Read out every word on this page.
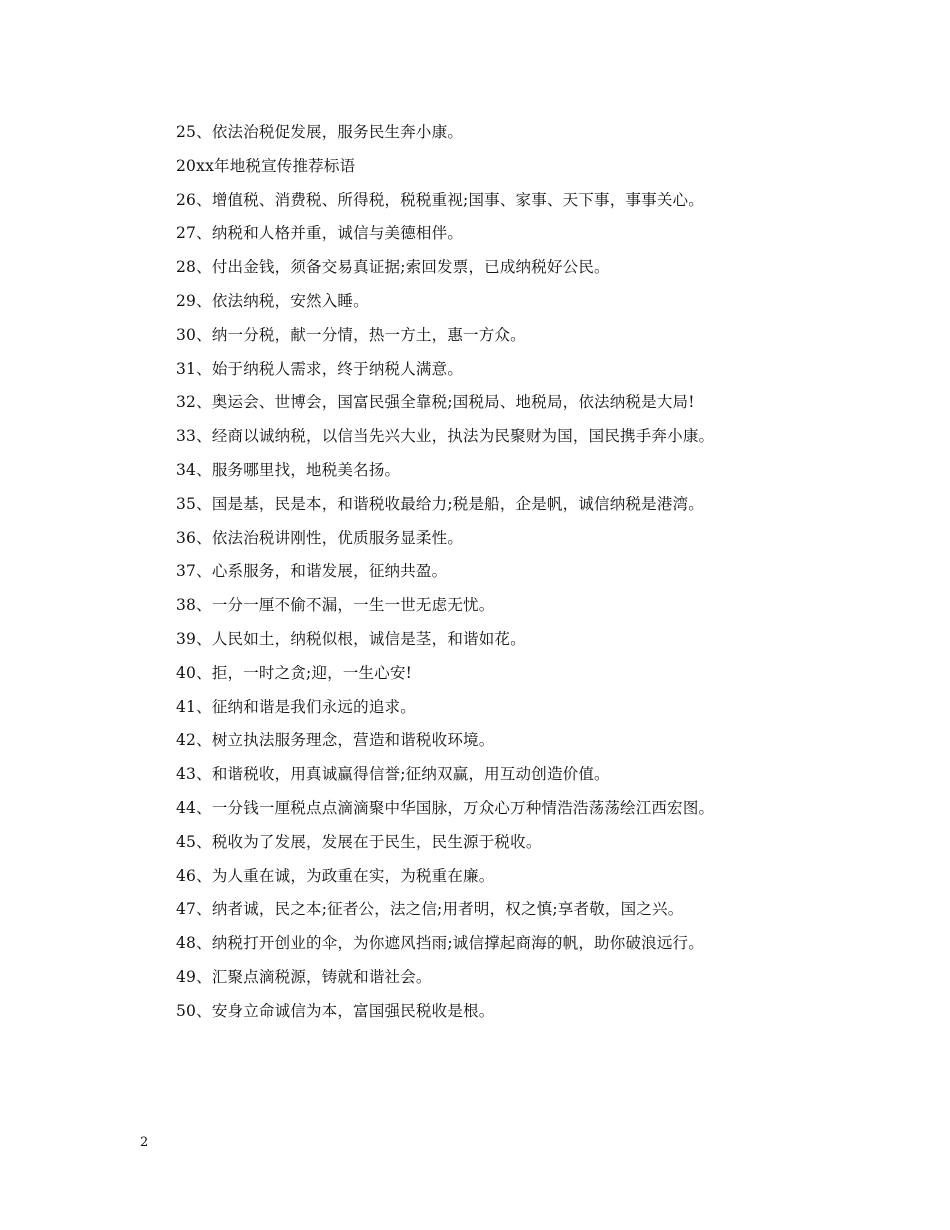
25、依法治税促发展，服务民生奔小康。
20xx年地税宣传推荐标语
26、增值税、消费税、所得税，税税重视;国事、家事、天下事，事事关心。
27、纳税和人格并重，诚信与美德相伴。
28、付出金钱，须备交易真证据;索回发票，已成纳税好公民。
29、依法纳税，安然入睡。
30、纳一分税，献一分情，热一方土，惠一方众。
31、始于纳税人需求，终于纳税人满意。
32、奥运会、世博会，国富民强全靠税;国税局、地税局，依法纳税是大局!
33、经商以诚纳税，以信当先兴大业，执法为民聚财为国，国民携手奔小康。
34、服务哪里找，地税美名扬。
35、国是基，民是本，和谐税收最给力;税是船，企是帆，诚信纳税是港湾。
36、依法治税讲刚性，优质服务显柔性。
37、心系服务，和谐发展，征纳共盈。
38、一分一厘不偷不漏，一生一世无虑无忧。
39、人民如土，纳税似根，诚信是茎，和谐如花。
40、拒，一时之贪;迎，一生心安!
41、征纳和谐是我们永远的追求。
42、树立执法服务理念，营造和谐税收环境。
43、和谐税收，用真诚赢得信誉;征纳双赢，用互动创造价值。
44、一分钱一厘税点点滴滴聚中华国脉，万众心万种情浩浩荡荡绘江西宏图。
45、税收为了发展，发展在于民生，民生源于税收。
46、为人重在诚，为政重在实，为税重在廉。
47、纳者诚，民之本;征者公，法之信;用者明，权之慎;享者敬，国之兴。
48、纳税打开创业的伞，为你遮风挡雨;诚信撑起商海的帆，助你破浪远行。
49、汇聚点滴税源，铸就和谐社会。
50、安身立命诚信为本，富国强民税收是根。
2
